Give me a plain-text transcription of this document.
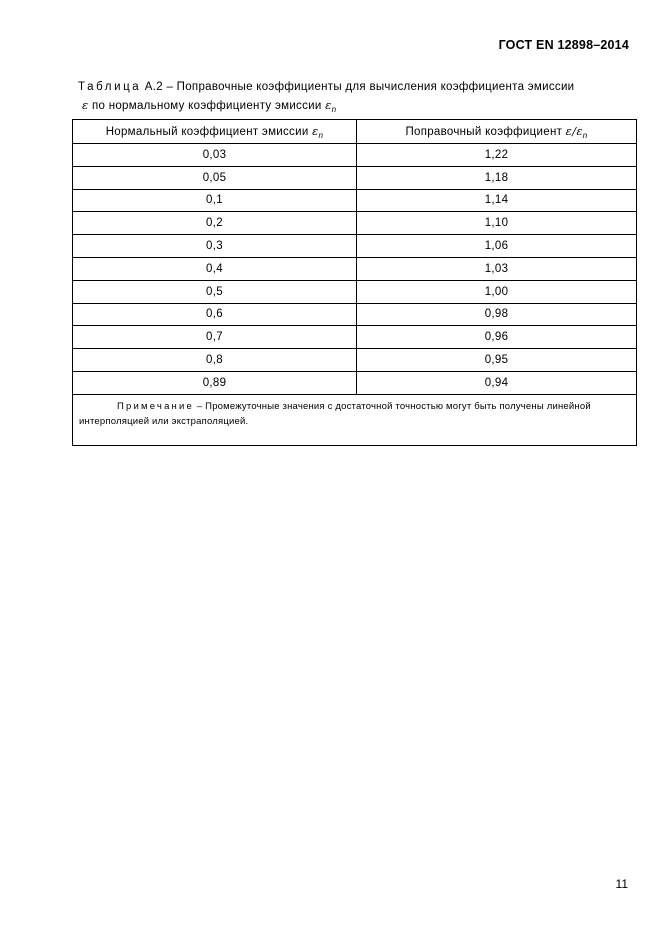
ГОСТ EN 12898–2014
Таблица А.2 – Поправочные коэффициенты для вычисления коэффициента эмиссии
ε по нормальному коэффициенту эмиссии $\varepsilon_n$
Нормальный коэффициент эмиссии $\varepsilon_n$	Поправочный коэффициент $\varepsilon/\varepsilon_n$
0,03	1,22
0,05	1,18
0,1	1,14
0,2	1,10
0,3	1,06
0,4	1,03
0,5	1,00
0,6	0,98
0,7	0,96
0,8	0,95
0,89	0,94
Примечание – Промежуточные значения с достаточной точностью могут быть получены линейной интерполяцией или экстраполяцией.	
11
